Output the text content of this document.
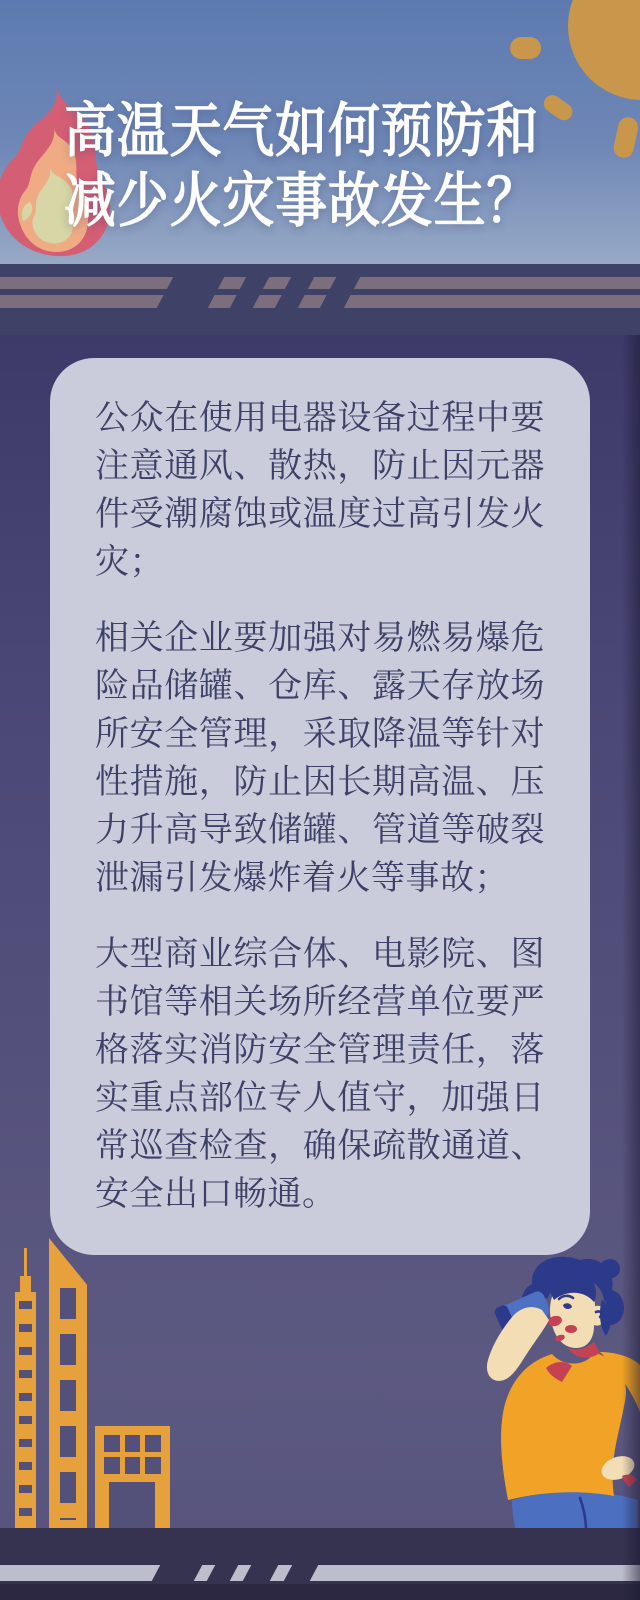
高温天气如何预防和
减少火灾事故发生？

公众在使用电器设备过程中要注意通风、散热，防止因元器件受潮腐蚀或温度过高引发火灾；

相关企业要加强对易燃易爆危险品储罐、仓库、露天存放场所安全管理，采取降温等针对性措施，防止因长期高温、压力升高导致储罐、管道等破裂泄漏引发爆炸着火等事故；

大型商业综合体、电影院、图书馆等相关场所经营单位要严格落实消防安全管理责任，落实重点部位专人值守，加强日常巡查检查，确保疏散通道、安全出口畅通。
